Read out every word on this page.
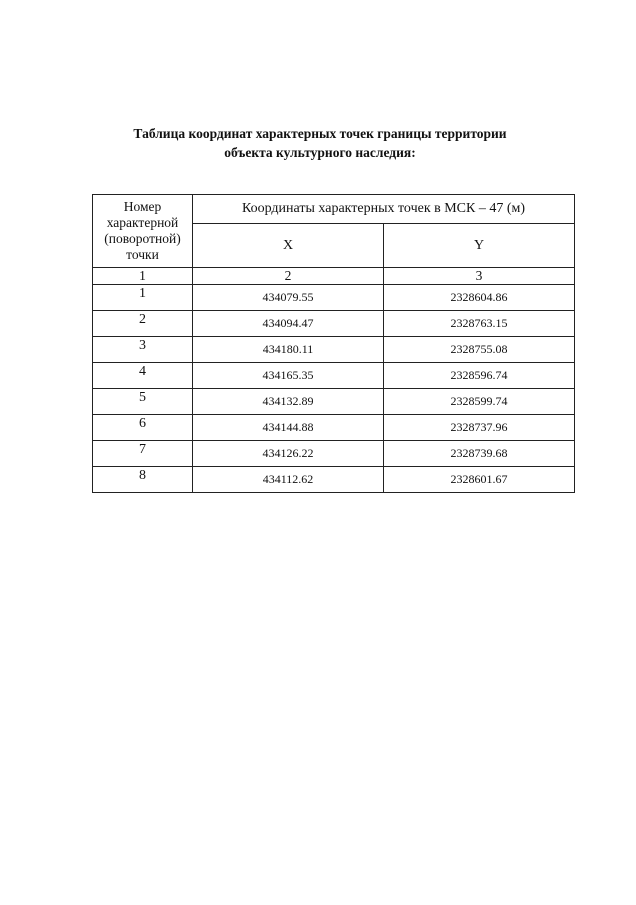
Таблица координат характерных точек границы территории
объекта культурного наследия:
Номер характерной (поворотной) точки	Координаты характерных точек в МСК – 47 (м)	
	X	Y
1	2	3
1	434079.55	2328604.86
2	434094.47	2328763.15
3	434180.11	2328755.08
4	434165.35	2328596.74
5	434132.89	2328599.74
6	434144.88	2328737.96
7	434126.22	2328739.68
8	434112.62	2328601.67
